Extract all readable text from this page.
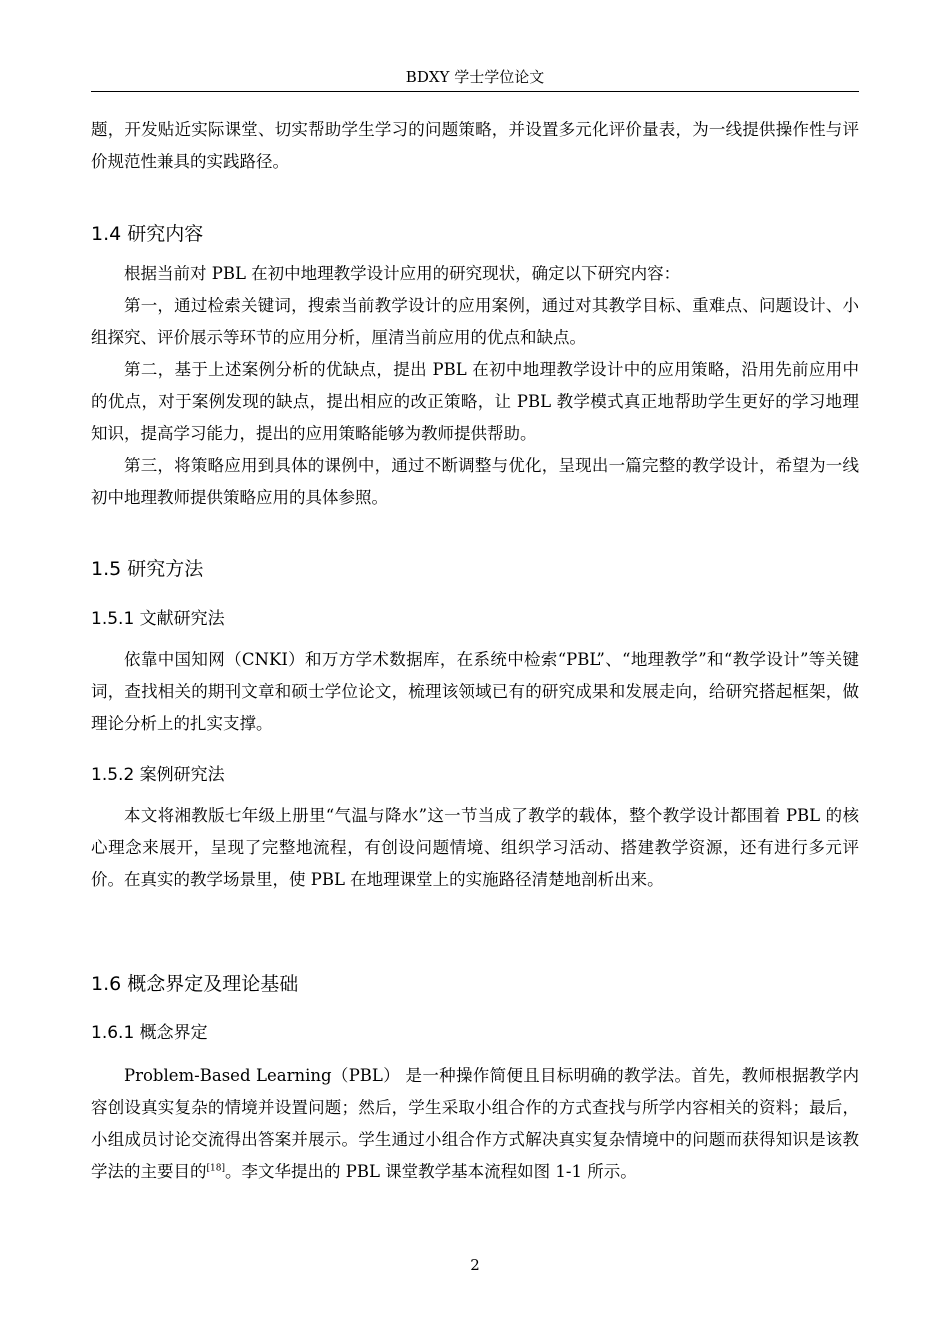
BDXY 学士学位论文

题，开发贴近实际课堂、切实帮助学生学习的问题策略，并设置多元化评价量表，为一线提供操作性与评价规范性兼具的实践路径。

1.4 研究内容

根据当前对 PBL 在初中地理教学设计应用的研究现状，确定以下研究内容：

第一，通过检索关键词，搜索当前教学设计的应用案例，通过对其教学目标、重难点、问题设计、小组探究、评价展示等环节的应用分析，厘清当前应用的优点和缺点。

第二，基于上述案例分析的优缺点，提出 PBL 在初中地理教学设计中的应用策略，沿用先前应用中的优点，对于案例发现的缺点，提出相应的改正策略，让 PBL 教学模式真正地帮助学生更好的学习地理知识，提高学习能力，提出的应用策略能够为教师提供帮助。

第三，将策略应用到具体的课例中，通过不断调整与优化，呈现出一篇完整的教学设计，希望为一线初中地理教师提供策略应用的具体参照。

1.5 研究方法
1.5.1 文献研究法

依靠中国知网（CNKI）和万方学术数据库，在系统中检索“PBL”、“地理教学”和“教学设计”等关键词，查找相关的期刊文章和硕士学位论文，梳理该领域已有的研究成果和发展走向，给研究搭起框架，做理论分析上的扎实支撑。

1.5.2 案例研究法

本文将湘教版七年级上册里“气温与降水”这一节当成了教学的载体，整个教学设计都围着 PBL 的核心理念来展开，呈现了完整地流程，有创设问题情境、组织学习活动、搭建教学资源，还有进行多元评价。在真实的教学场景里，使 PBL 在地理课堂上的实施路径清楚地剖析出来。

1.6 概念界定及理论基础
1.6.1 概念界定

Problem-Based Learning（PBL） 是一种操作简便且目标明确的教学法。首先，教师根据教学内容创设真实复杂的情境并设置问题；然后，学生采取小组合作的方式查找与所学内容相关的资料；最后，小组成员讨论交流得出答案并展示。学生通过小组合作方式解决真实复杂情境中的问题而获得知识是该教学法的主要目的[18]。李文华提出的 PBL 课堂教学基本流程如图 1-1 所示。

2
